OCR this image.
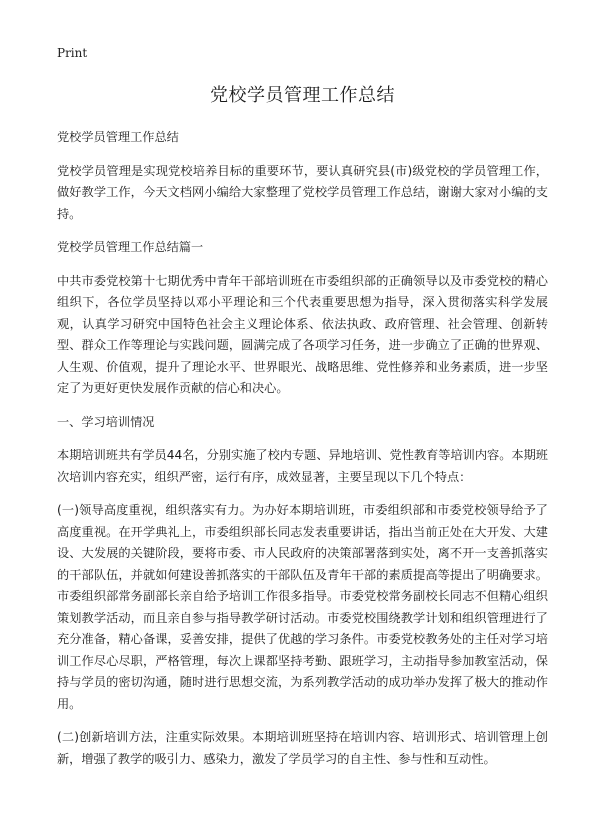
Print
党校学员管理工作总结

党校学员管理工作总结

党校学员管理是实现党校培养目标的重要环节，要认真研究县(市)级党校的学员管理工作，做好教学工作，今天文档网小编给大家整理了党校学员管理工作总结，谢谢大家对小编的支持。

党校学员管理工作总结篇一

中共市委党校第十七期优秀中青年干部培训班在市委组织部的正确领导以及市委党校的精心组织下，各位学员坚持以邓小平理论和三个代表重要思想为指导，深入贯彻落实科学发展观，认真学习研究中国特色社会主义理论体系、依法执政、政府管理、社会管理、创新转型、群众工作等理论与实践问题，圆满完成了各项学习任务，进一步确立了正确的世界观、人生观、价值观，提升了理论水平、世界眼光、战略思维、党性修养和业务素质，进一步坚定了为更好更快发展作贡献的信心和决心。

一、学习培训情况

本期培训班共有学员44名，分别实施了校内专题、异地培训、党性教育等培训内容。本期班次培训内容充实，组织严密，运行有序，成效显著，主要呈现以下几个特点：

(一)领导高度重视，组织落实有力。为办好本期培训班，市委组织部和市委党校领导给予了高度重视。在开学典礼上，市委组织部长同志发表重要讲话，指出当前正处在大开发、大建设、大发展的关键阶段，要将市委、市人民政府的决策部署落到实处，离不开一支善抓落实的干部队伍，并就如何建设善抓落实的干部队伍及青年干部的素质提高等提出了明确要求。市委组织部常务副部长亲自给予培训工作很多指导。市委党校常务副校长同志不但精心组织策划教学活动，而且亲自参与指导教学研讨活动。市委党校围绕教学计划和组织管理进行了充分准备，精心备课，妥善安排，提供了优越的学习条件。市委党校教务处的主任对学习培训工作尽心尽职，严格管理，每次上课都坚持考勤、跟班学习，主动指导参加教室活动，保持与学员的密切沟通，随时进行思想交流，为系列教学活动的成功举办发挥了极大的推动作用。

(二)创新培训方法，注重实际效果。本期培训班坚持在培训内容、培训形式、培训管理上创新，增强了教学的吸引力、感染力，激发了学员学习的自主性、参与性和互动性。
